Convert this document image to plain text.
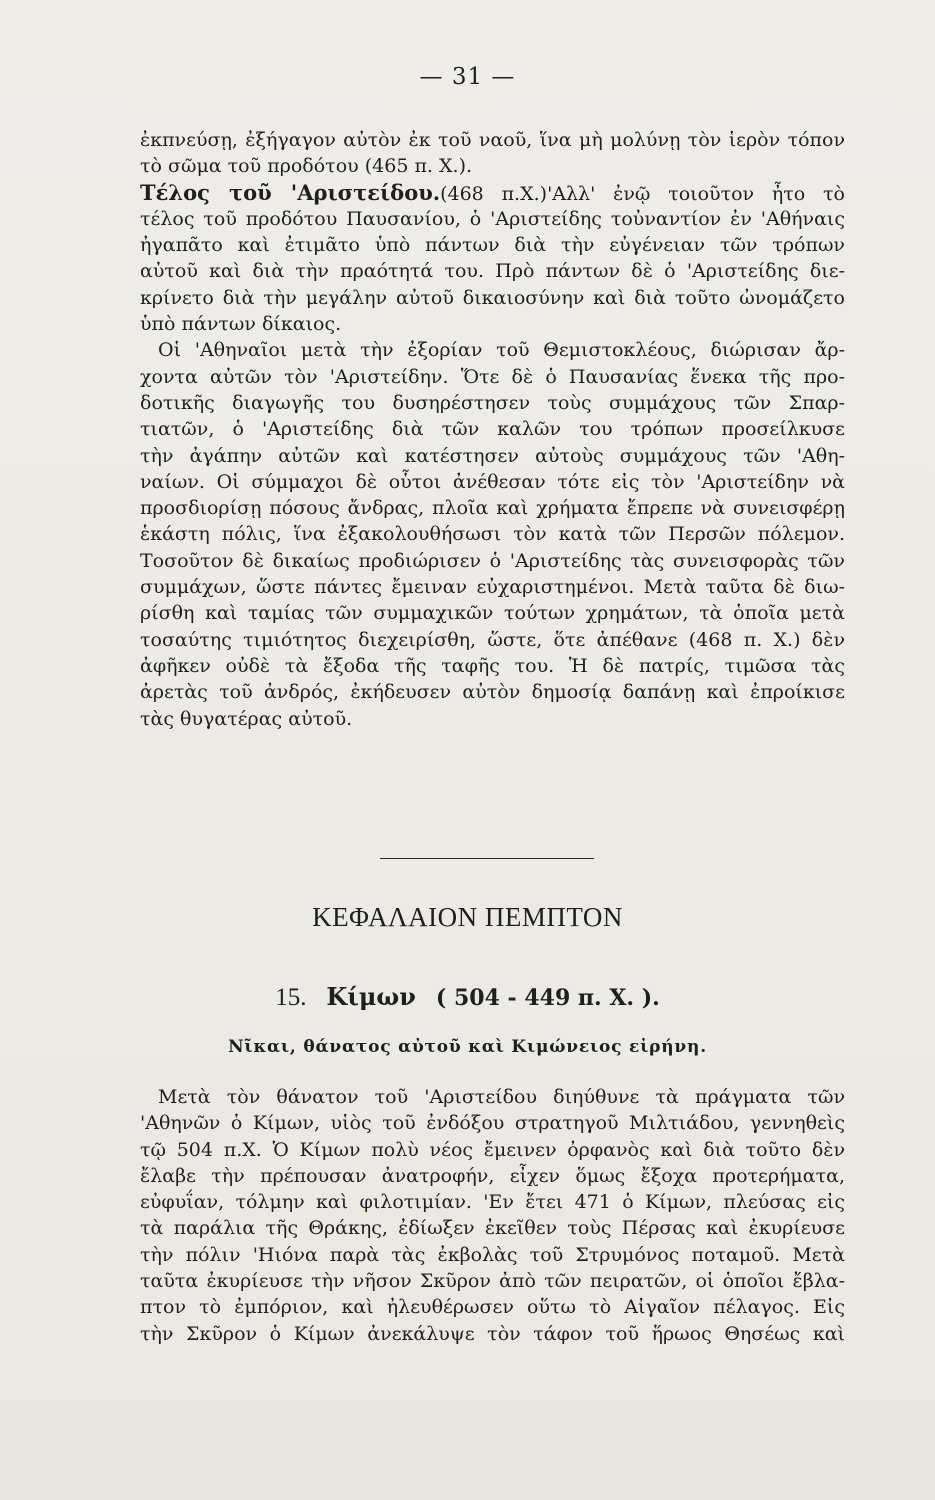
— 31 —
ἐκπνεύσῃ, ἐξήγαγον αὐτὸν ἐκ τοῦ ναοῦ, ἵνα μὴ μολύνῃ τὸν ἱερὸν τόπον
τὸ σῶμα τοῦ προδότου (465 π. Χ.).
Τέλος τοῦ 'Αριστείδου.(468 π.Χ.)'Αλλ' ἐνῷ τοιοῦτον ἦτο τὸ
τέλος τοῦ προδότου Παυσανίου, ὁ 'Αριστείδης τοὐναντίον ἐν 'Αθήναις
ἠγαπᾶτο καὶ ἐτιμᾶτο ὑπὸ πάντων διὰ τὴν εὐγένειαν τῶν τρόπων
αὐτοῦ καὶ διὰ τὴν πραότητά του. Πρὸ πάντων δὲ ὁ 'Αριστείδης διε-
κρίνετο διὰ τὴν μεγάλην αὐτοῦ δικαιοσύνην καὶ διὰ τοῦτο ὠνομάζετο
ὑπὸ πάντων δίκαιος.
Οἱ 'Αθηναῖοι μετὰ τὴν ἐξορίαν τοῦ Θεμιστοκλέους, διώρισαν ἄρ-
χοντα αὐτῶν τὸν 'Αριστείδην. Ὅτε δὲ ὁ Παυσανίας ἕνεκα τῆς προ-
δοτικῆς διαγωγῆς του δυσηρέστησεν τοὺς συμμάχους τῶν Σπαρ-
τιατῶν, ὁ 'Αριστείδης διὰ τῶν καλῶν του τρόπων προσείλκυσε
τὴν ἀγάπην αὐτῶν καὶ κατέστησεν αὐτοὺς συμμάχους τῶν 'Αθη-
ναίων. Οἱ σύμμαχοι δὲ οὗτοι ἀνέθεσαν τότε εἰς τὸν 'Αριστείδην νὰ
προσδιορίσῃ πόσους ἄνδρας, πλοῖα καὶ χρήματα ἔπρεπε νὰ συνεισφέρῃ
ἑκάστη πόλις, ἵνα ἐξακολουθήσωσι τὸν κατὰ τῶν Περσῶν πόλεμον.
Τοσοῦτον δὲ δικαίως προδιώρισεν ὁ 'Αριστείδης τὰς συνεισφορὰς τῶν
συμμάχων, ὥστε πάντες ἔμειναν εὐχαριστημένοι. Μετὰ ταῦτα δὲ διω-
ρίσθη καὶ ταμίας τῶν συμμαχικῶν τούτων χρημάτων, τὰ ὁποῖα μετὰ
τοσαύτης τιμιότητος διεχειρίσθη, ὥστε, ὅτε ἀπέθανε (468 π. Χ.) δὲν
ἀφῆκεν οὐδὲ τὰ ἔξοδα τῆς ταφῆς του. Ἡ δὲ πατρίς, τιμῶσα τὰς
ἀρετὰς τοῦ ἀνδρός, ἐκήδευσεν αὐτὸν δημοσίᾳ δαπάνῃ καὶ ἐπροίκισε
τὰς θυγατέρας αὐτοῦ.
ΚΕΦΑΛΑΙΟΝ ΠΕΜΠΤΟΝ
15. Κίμων ( 504 - 449 π. Χ. ).
Νῖκαι, θάνατος αὐτοῦ καὶ Κιμώνειος εἰρήνη.
Μετὰ τὸν θάνατον τοῦ 'Αριστείδου διηύθυνε τὰ πράγματα τῶν
'Αθηνῶν ὁ Κίμων, υἱὸς τοῦ ἐνδόξου στρατηγοῦ Μιλτιάδου, γεννηθεὶς
τῷ 504 π.Χ. Ὁ Κίμων πολὺ νέος ἔμεινεν ὀρφανὸς καὶ διὰ τοῦτο δὲν
ἔλαβε τὴν πρέπουσαν ἀνατροφήν, εἶχεν ὅμως ἔξοχα προτερήματα,
εὐφυΐαν, τόλμην καὶ φιλοτιμίαν. 'Εν ἔτει 471 ὁ Κίμων, πλεύσας εἰς
τὰ παράλια τῆς Θράκης, ἐδίωξεν ἐκεῖθεν τοὺς Πέρσας καὶ ἐκυρίευσε
τὴν πόλιν 'Ηιόνα παρὰ τὰς ἐκβολὰς τοῦ Στρυμόνος ποταμοῦ. Μετὰ
ταῦτα ἐκυρίευσε τὴν νῆσον Σκῦρον ἀπὸ τῶν πειρατῶν, οἱ ὁποῖοι ἔβλα-
πτον τὸ ἐμπόριον, καὶ ἠλευθέρωσεν οὕτω τὸ Αἰγαῖον πέλαγος. Εἰς
τὴν Σκῦρον ὁ Κίμων ἀνεκάλυψε τὸν τάφον τοῦ ἥρωος Θησέως καὶ
